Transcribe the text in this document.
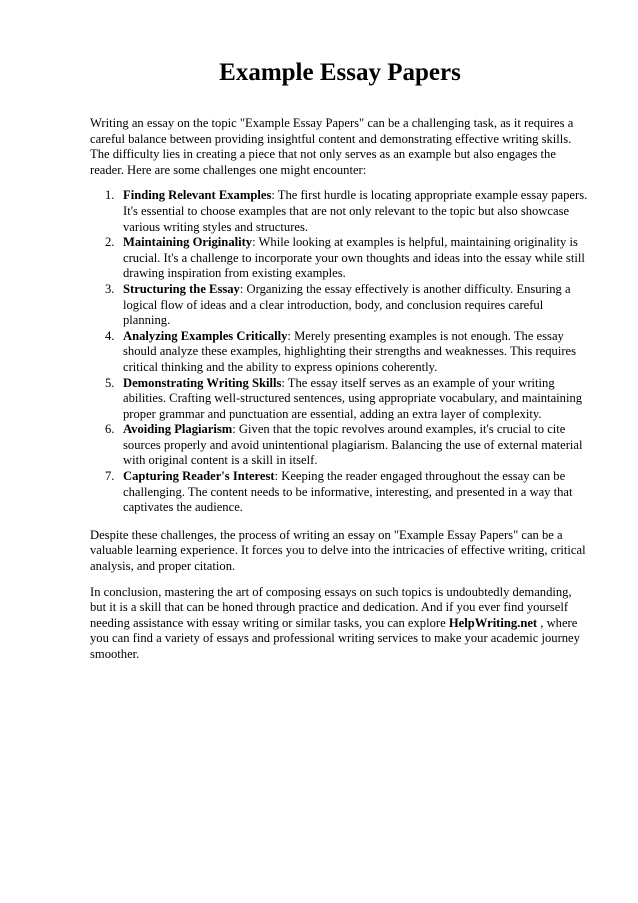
Example Essay Papers

Writing an essay on the topic "Example Essay Papers" can be a challenging task, as it requires a careful balance between providing insightful content and demonstrating effective writing skills. The difficulty lies in creating a piece that not only serves as an example but also engages the reader. Here are some challenges one might encounter:

1. Finding Relevant Examples: The first hurdle is locating appropriate example essay papers. It's essential to choose examples that are not only relevant to the topic but also showcase various writing styles and structures.
2. Maintaining Originality: While looking at examples is helpful, maintaining originality is crucial. It's a challenge to incorporate your own thoughts and ideas into the essay while still drawing inspiration from existing examples.
3. Structuring the Essay: Organizing the essay effectively is another difficulty. Ensuring a logical flow of ideas and a clear introduction, body, and conclusion requires careful planning.
4. Analyzing Examples Critically: Merely presenting examples is not enough. The essay should analyze these examples, highlighting their strengths and weaknesses. This requires critical thinking and the ability to express opinions coherently.
5. Demonstrating Writing Skills: The essay itself serves as an example of your writing abilities. Crafting well-structured sentences, using appropriate vocabulary, and maintaining proper grammar and punctuation are essential, adding an extra layer of complexity.
6. Avoiding Plagiarism: Given that the topic revolves around examples, it's crucial to cite sources properly and avoid unintentional plagiarism. Balancing the use of external material with original content is a skill in itself.
7. Capturing Reader's Interest: Keeping the reader engaged throughout the essay can be challenging. The content needs to be informative, interesting, and presented in a way that captivates the audience.

Despite these challenges, the process of writing an essay on "Example Essay Papers" can be a valuable learning experience. It forces you to delve into the intricacies of effective writing, critical analysis, and proper citation.

In conclusion, mastering the art of composing essays on such topics is undoubtedly demanding, but it is a skill that can be honed through practice and dedication. And if you ever find yourself needing assistance with essay writing or similar tasks, you can explore HelpWriting.net , where you can find a variety of essays and professional writing services to make your academic journey smoother.
